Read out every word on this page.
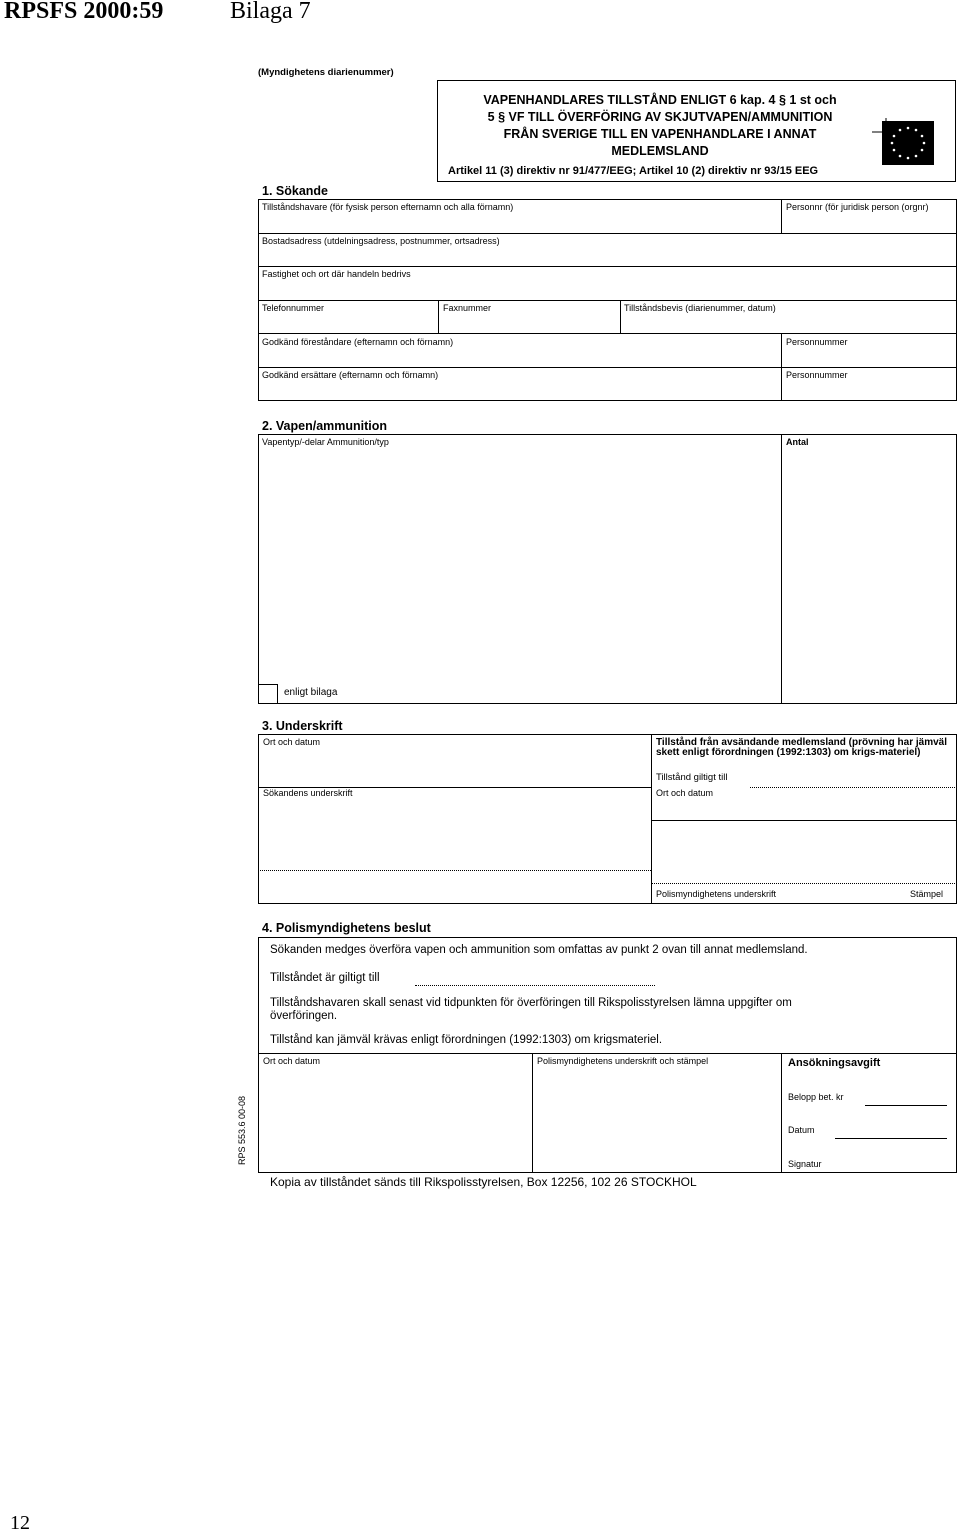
RPSFS 2000:59	Bilaga 7
(Myndighetens diarienummer)
VAPENHANDLARES TILLSTÅND ENLIGT 6 kap. 4 § 1 st och
5 § VF TILL ÖVERFÖRING AV SKJUTVAPEN/AMMUNITION
FRÅN SVERIGE TILL EN VAPENHANDLARE I ANNAT
MEDLEMSLAND
Artikel 11 (3) direktiv nr 91/477/EEG; Artikel 10 (2) direktiv nr 93/15 EEG
1. Sökande
Tillståndshavare (för fysisk person efternamn och alla förnamn)	Personnr (för juridisk person (orgnr)
Bostadsadress (utdelningsadress, postnummer, ortsadress)
Fastighet och ort där handeln bedrivs
Telefonnummer	Faxnummer	Tillståndsbevis (diarienummer, datum)
Godkänd föreståndare (efternamn och förnamn)	Personnummer
Godkänd ersättare (efternamn och förnamn)	Personnummer
2. Vapen/ammunition
Vapentyp/-delar Ammunition/typ	Antal
enligt bilaga
3. Underskrift
Ort och datum
Sökandens underskrift
Tillstånd från avsändande medlemsland (prövning har jämväl skett enligt förordningen (1992:1303) om krigs-materiel)
Tillstånd giltigt till
Ort och datum
Polismyndighetens underskrift	Stämpel
4. Polismyndighetens beslut
Sökanden medges överföra vapen och ammunition som omfattas av punkt 2 ovan till annat medlemsland.
Tillståndet är giltigt till
Tillståndshavaren skall senast vid tidpunkten för överföringen till Rikspolisstyrelsen lämna uppgifter om
överföringen.
Tillstånd kan jämväl krävas enligt förordningen (1992:1303) om krigsmateriel.
Ort och datum	Polismyndighetens underskrift och stämpel	Ansökningsavgift
Belopp bet. kr
Datum
Signatur
RPS 553.6 00-08
Kopia av tillståndet sänds till Rikspolisstyrelsen, Box 12256, 102 26 STOCKHOL
12
